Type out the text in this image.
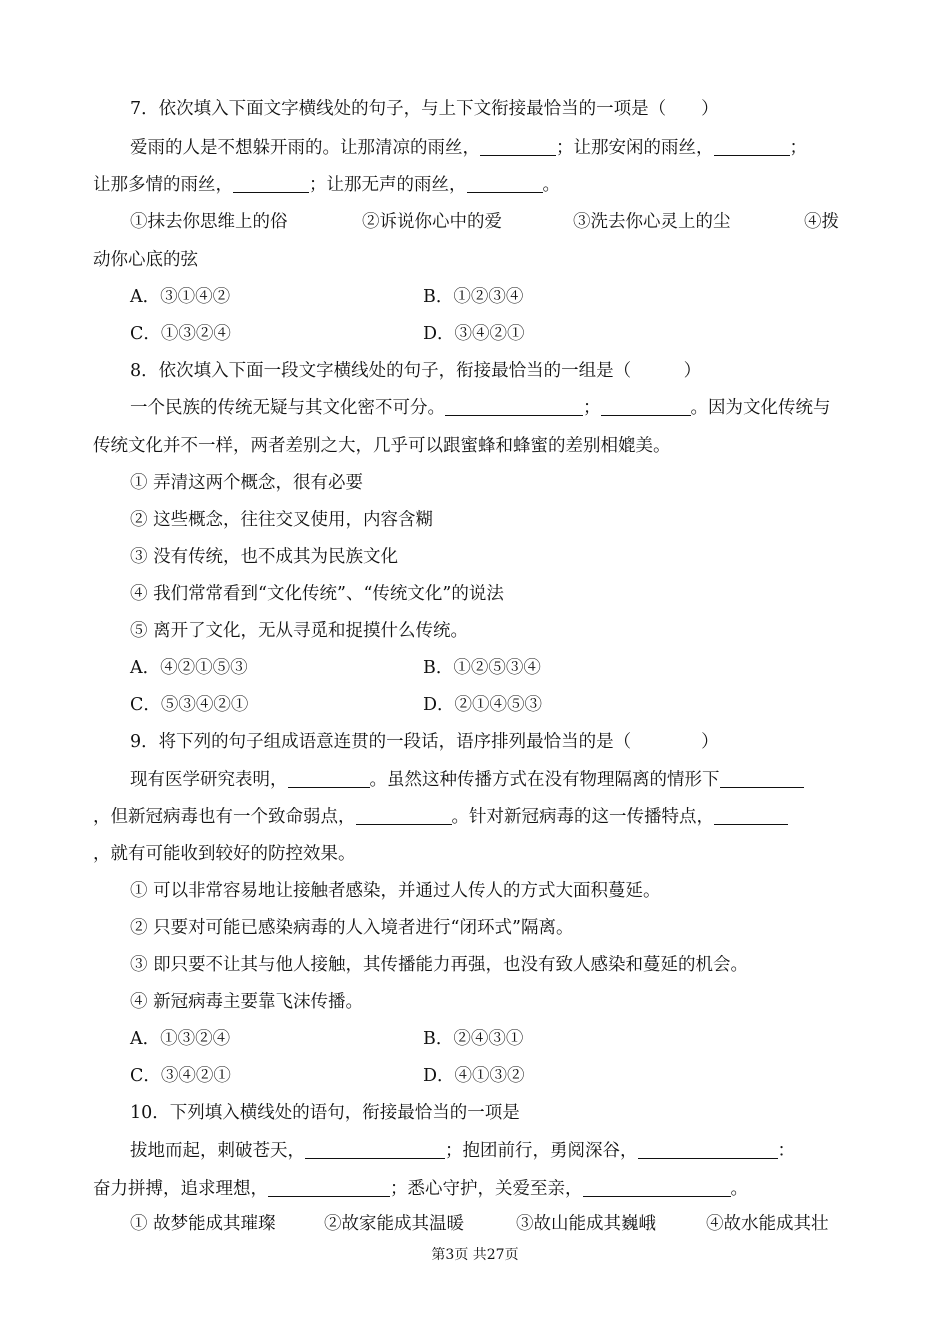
7．依次填入下面文字横线处的句子，与上下文衔接最恰当的一项是（　　）
爱雨的人是不想躲开雨的。让那清凉的雨丝，	；让那安闲的雨丝，	；
让那多情的雨丝，	；让那无声的雨丝，	。
①抹去你思维上的俗	②诉说你心中的爱	③洗去你心灵上的尘	④拨
动你心底的弦
A．③①④②	B．①②③④
C．①③②④	D．③④②①
8．依次填入下面一段文字横线处的句子，衔接最恰当的一组是（　　　）
一个民族的传统无疑与其文化密不可分。	；	。因为文化传统与
传统文化并不一样，两者差别之大，几乎可以跟蜜蜂和蜂蜜的差别相媲美。
① 弄清这两个概念，很有必要
② 这些概念，往往交叉使用，内容含糊
③ 没有传统，也不成其为民族文化
④ 我们常常看到“文化传统”、“传统文化”的说法
⑤ 离开了文化，无从寻觅和捉摸什么传统。
A．④②①⑤③	B．①②⑤③④
C．⑤③④②①	D．②①④⑤③
9．将下列的句子组成语意连贯的一段话，语序排列最恰当的是（　　　　）
现有医学研究表明，	。虽然这种传播方式在没有物理隔离的情形下
，但新冠病毒也有一个致命弱点，	。针对新冠病毒的这一传播特点，
，就有可能收到较好的防控效果。
① 可以非常容易地让接触者感染，并通过人传人的方式大面积蔓延。
② 只要对可能已感染病毒的人入境者进行“闭环式”隔离。
③ 即只要不让其与他人接触，其传播能力再强，也没有致人感染和蔓延的机会。
④ 新冠病毒主要靠飞沫传播。
A．①③②④	B．②④③①
C．③④②①	D．④①③②
10．下列填入横线处的语句，衔接最恰当的一项是
拔地而起，刺破苍天，	；抱团前行，勇阅深谷，	：
奋力拼搏，追求理想，	；悉心守护，关爱至亲，	。
① 故梦能成其璀璨	②故家能成其温暖	③故山能成其巍峨	④故水能成其壮
第3页 共27页
